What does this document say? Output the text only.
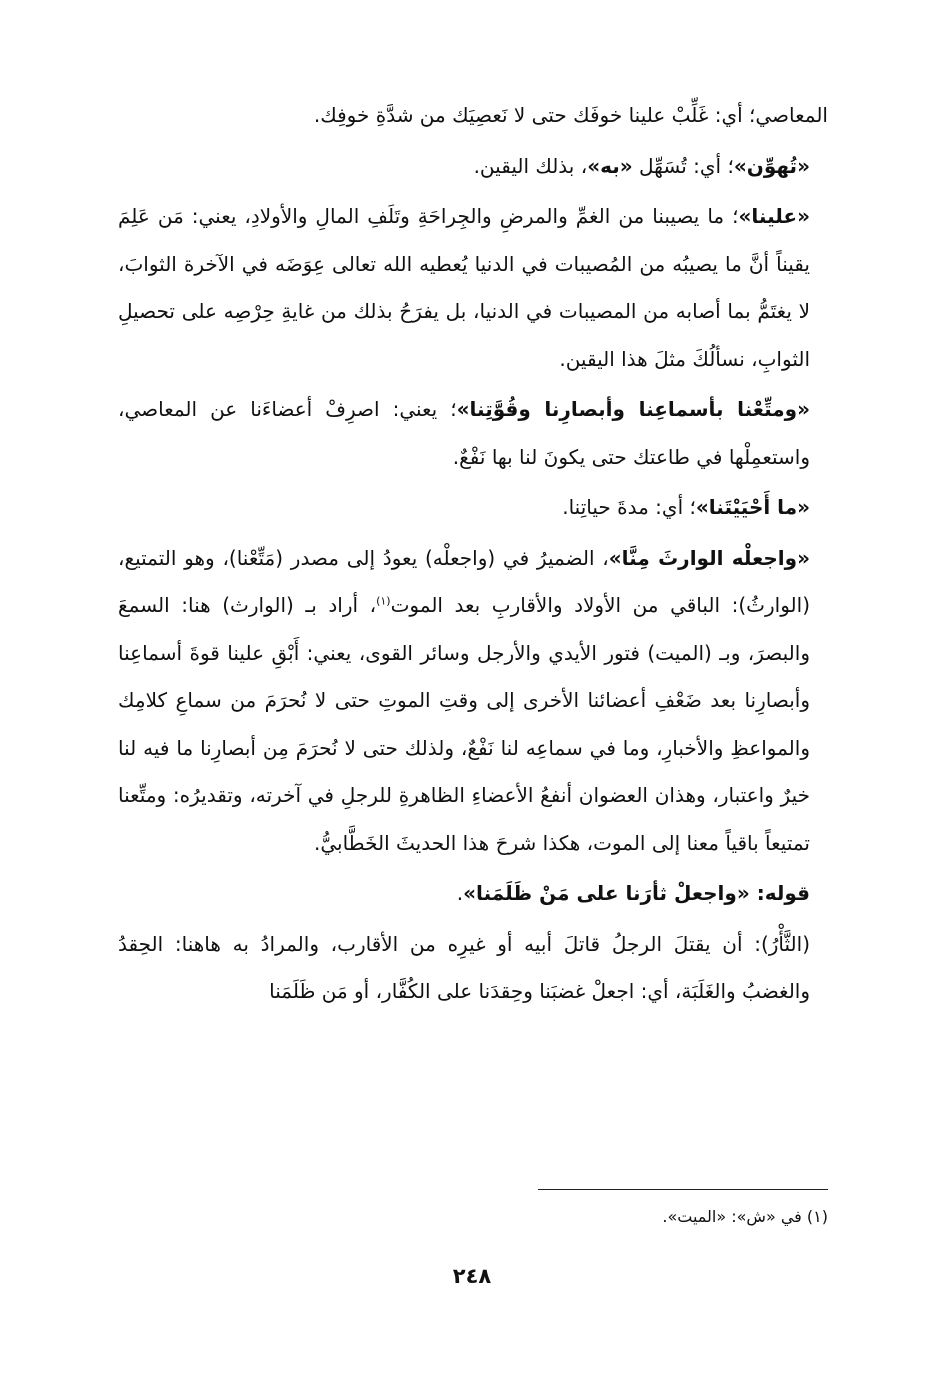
المعاصي؛ أي: غَلِّبْ علينا خوفَك حتى لا نَعصِيَك من شدَّةِ خوفِك.

«تُهوِّن»؛ أي: تُسَهِّل «به»، بذلك اليقين.

«علينا»؛ ما يصيبنا من الغمِّ والمرضِ والجِراحَةِ وتَلَفِ المالِ والأولادِ، يعني: مَن عَلِمَ يقيناً أنَّ ما يصيبُه من المُصيبات في الدنيا يُعطيه الله تعالى عِوَضَه في الآخرة الثوابَ، لا يغتَمُّ بما أصابه من المصيبات في الدنيا، بل يفرَحُ بذلك من غايةِ حِرْصِه على تحصيلِ الثوابِ، نسألُكَ مثلَ هذا اليقين.

«ومتِّعْنا بأسماعِنا وأبصارِنا وقُوَّتِنا»؛ يعني: اصرِفْ أعضاءَنا عن المعاصي، واستعمِلْها في طاعتك حتى يكونَ لنا بها نَفْعٌ.

«ما أَحْيَيْتَنا»؛ أي: مدةَ حياتِنا.

«واجعلْه الوارثَ مِنَّا»، الضميرُ في (واجعلْه) يعودُ إلى مصدر (مَتِّعْنا)، وهو التمتيع، (الوارثُ): الباقي من الأولاد والأقاربِ بعد الموت$^{(١)}$، أراد بـ (الوارث) هنا: السمعَ والبصرَ، وبـ (الميت) فتور الأيدي والأرجل وسائر القوى، يعني: أَبْقِ علينا قوةَ أسماعِنا وأبصارِنا بعد ضَعْفِ أعضائنا الأخرى إلى وقتِ الموتِ حتى لا نُحرَمَ من سماعِ كلامِك والمواعظِ والأخبارِ، وما في سماعِه لنا نَفْعٌ، ولذلك حتى لا نُحرَمَ مِن أبصارِنا ما فيه لنا خيرٌ واعتبار، وهذان العضوان أنفعُ الأعضاءِ الظاهرةِ للرجلِ في آخرته، وتقديرُه: ومتِّعنا تمتيعاً باقياً معنا إلى الموت، هكذا شرحَ هذا الحديثَ الخَطَّابيُّ.

قوله: «واجعلْ ثأرَنا على مَنْ ظَلَمَنا».

(الثَّأْرُ): أن يقتلَ الرجلُ قاتلَ أبيه أو غيرِه من الأقارب، والمرادُ به هاهنا: الحِقدُ والغضبُ والغَلَبَة، أي: اجعلْ غضبَنا وحِقدَنا على الكُفَّار، أو مَن ظَلَمَنا

(١) في «ش»: «الميت».
٢٤٨
